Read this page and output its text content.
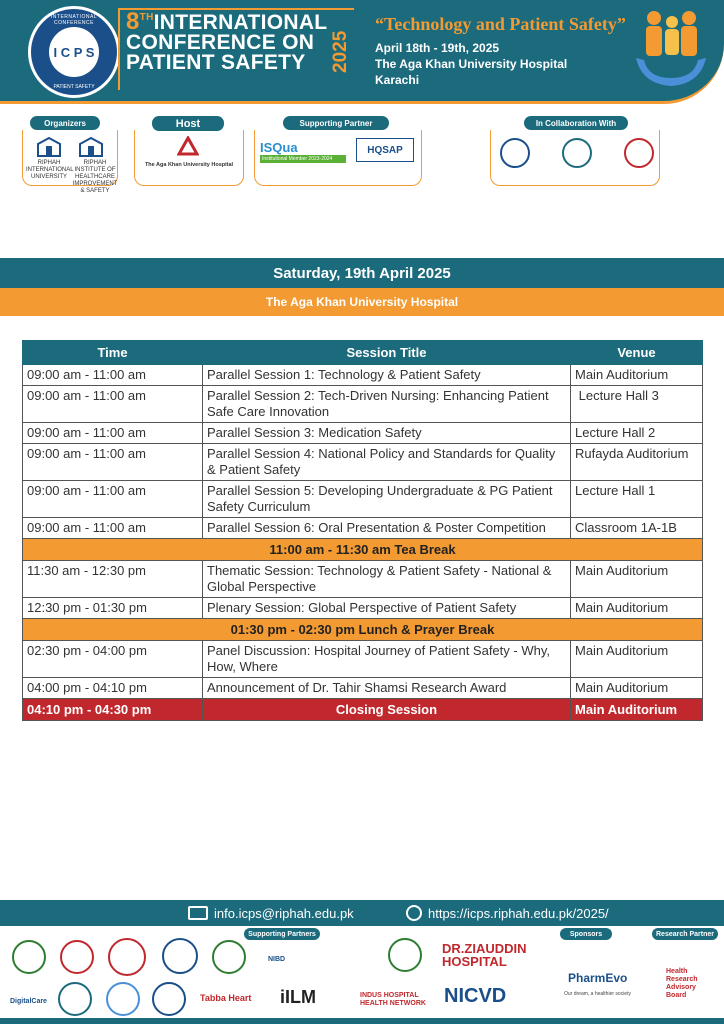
INTERNATIONAL CONFERENCE
I C P S
PATIENT SAFETY
8THINTERNATIONAL
CONFERENCE ON
PATIENT SAFETY	2025
“Technology and Patient Safety”
April 18th - 19th, 2025
The Aga Khan University Hospital
Karachi
Organizers
RIPHAH INTERNATIONAL UNIVERSITY
RIPHAH INSTITUTE OF HEALTHCARE IMPROVEMENT & SAFETY
Host
The Aga Khan University Hospital
Supporting Partner
ISQua
Institutional Member 2023-2024
HQSAP
In Collaboration With
Saturday, 19th April 2025
The Aga Khan University Hospital
Time	Session Title	Venue
09:00 am - 11:00 am	Parallel Session 1: Technology & Patient Safety	Main Auditorium
09:00 am - 11:00 am	Parallel Session 2: Tech-Driven Nursing: Enhancing Patient Safe Care Innovation	Lecture Hall 3
09:00 am - 11:00 am	Parallel Session 3: Medication Safety	Lecture Hall 2
09:00 am - 11:00 am	Parallel Session 4: National Policy and Standards for Quality & Patient Safety	Rufayda Auditorium
09:00 am - 11:00 am	Parallel Session 5: Developing Undergraduate & PG Patient Safety Curriculum	Lecture Hall 1
09:00 am - 11:00 am	Parallel Session 6: Oral Presentation & Poster Competition	Classroom 1A-1B
11:00 am - 11:30 am Tea Break		
11:30 am - 12:30 pm	Thematic Session: Technology & Patient Safety - National & Global Perspective	Main Auditorium
12:30 pm - 01:30 pm	Plenary Session: Global Perspective of Patient Safety	Main Auditorium
01:30 pm - 02:30 pm Lunch & Prayer Break		
02:30 pm - 04:00 pm	Panel Discussion: Hospital Journey of Patient Safety - Why, How, Where	Main Auditorium
04:00 pm - 04:10 pm	Announcement of Dr. Tahir Shamsi Research Award	Main Auditorium
04:10 pm - 04:30 pm	Closing Session	Main Auditorium
info.icps@riphah.edu.pk	https://icps.riphah.edu.pk/2025/
Supporting Partners	Sponsors	Research Partner
NIBD
DR.ZIAUDDIN HOSPITAL
PharmEvo
Our dream, a healthier society
Health Research Advisory Board
DigitalCare	Tabba Heart iILM	INDUS HOSPITAL HEALTH NETWORK NICVD
